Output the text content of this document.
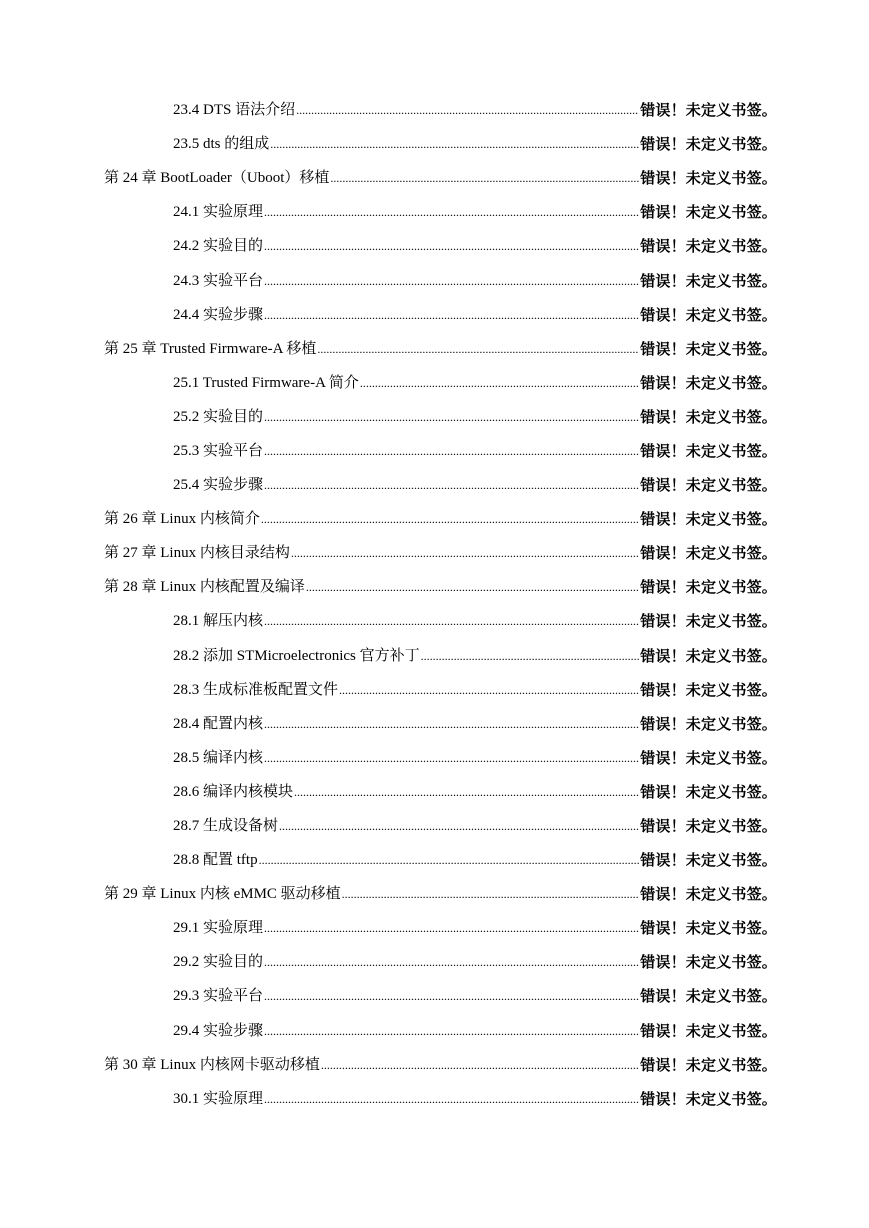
23.4 DTS 语法介绍 .....	错误！未定义书签。
23.5 dts 的组成 .....	错误！未定义书签。
第 24 章 BootLoader（Uboot）移植 .....	错误！未定义书签。
24.1 实验原理 .....	错误！未定义书签。
24.2 实验目的 .....	错误！未定义书签。
24.3 实验平台 .....	错误！未定义书签。
24.4 实验步骤 .....	错误！未定义书签。
第 25 章 Trusted Firmware-A 移植 .....	错误！未定义书签。
25.1 Trusted Firmware-A 简介 .....	错误！未定义书签。
25.2 实验目的 .....	错误！未定义书签。
25.3 实验平台 .....	错误！未定义书签。
25.4 实验步骤 .....	错误！未定义书签。
第 26 章 Linux 内核简介 .....	错误！未定义书签。
第 27 章 Linux 内核目录结构 .....	错误！未定义书签。
第 28 章 Linux 内核配置及编译 .....	错误！未定义书签。
28.1 解压内核 .....	错误！未定义书签。
28.2 添加 STMicroelectronics 官方补丁 .....	错误！未定义书签。
28.3 生成标准板配置文件 .....	错误！未定义书签。
28.4 配置内核 .....	错误！未定义书签。
28.5 编译内核 .....	错误！未定义书签。
28.6 编译内核模块 .....	错误！未定义书签。
28.7 生成设备树 .....	错误！未定义书签。
28.8 配置 tftp .....	错误！未定义书签。
第 29 章 Linux 内核 eMMC 驱动移植 .....	错误！未定义书签。
29.1 实验原理 .....	错误！未定义书签。
29.2 实验目的 .....	错误！未定义书签。
29.3 实验平台 .....	错误！未定义书签。
29.4 实验步骤 .....	错误！未定义书签。
第 30 章 Linux 内核网卡驱动移植 .....	错误！未定义书签。
30.1 实验原理 .....	错误！未定义书签。
